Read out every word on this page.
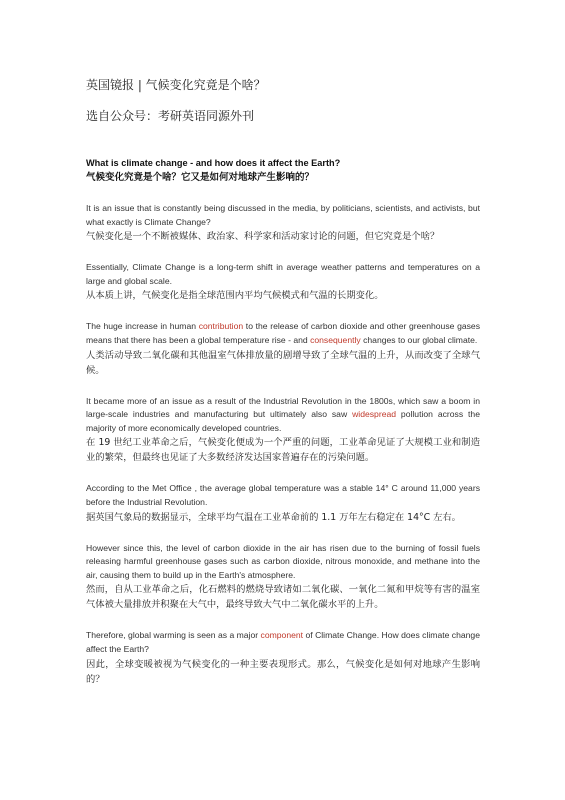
英国镜报 | 气候变化究竟是个啥？
选自公众号：考研英语同源外刊
What is climate change - and how does it affect the Earth?
气候变化究竟是个啥？它又是如何对地球产生影响的？
It is an issue that is constantly being discussed in the media, by politicians, scientists, and activists, but what exactly is Climate Change?
气候变化是一个不断被媒体、政治家、科学家和活动家讨论的问题，但它究竟是个啥？
Essentially, Climate Change is a long-term shift in average weather patterns and temperatures on a large and global scale.
从本质上讲，气候变化是指全球范围内平均气候模式和气温的长期变化。
The huge increase in human contribution to the release of carbon dioxide and other greenhouse gases means that there has been a global temperature rise - and consequently changes to our global climate.
人类活动导致二氧化碳和其他温室气体排放量的剧增导致了全球气温的上升，从而改变了全球气候。
It became more of an issue as a result of the Industrial Revolution in the 1800s, which saw a boom in large-scale industries and manufacturing but ultimately also saw widespread pollution across the majority of more economically developed countries.
在 19 世纪工业革命之后，气候变化便成为一个严重的问题，工业革命见证了大规模工业和制造业的繁荣，但最终也见证了大多数经济发达国家普遍存在的污染问题。
According to the Met Office , the average global temperature was a stable 14° C around 11,000 years before the Industrial Revolution.
据英国气象局的数据显示，全球平均气温在工业革命前的 1.1 万年左右稳定在 14°C 左右。
However since this, the level of carbon dioxide in the air has risen due to the burning of fossil fuels releasing harmful greenhouse gases such as carbon dioxide, nitrous monoxide, and methane into the air, causing them to build up in the Earth's atmosphere.
然而，自从工业革命之后，化石燃料的燃烧导致诸如二氧化碳、一氧化二氮和甲烷等有害的温室气体被大量排放并积聚在大气中，最终导致大气中二氧化碳水平的上升。
Therefore, global warming is seen as a major component of Climate Change. How does climate change affect the Earth?
因此，全球变暖被视为气候变化的一种主要表现形式。那么，气候变化是如何对地球产生影响的？
